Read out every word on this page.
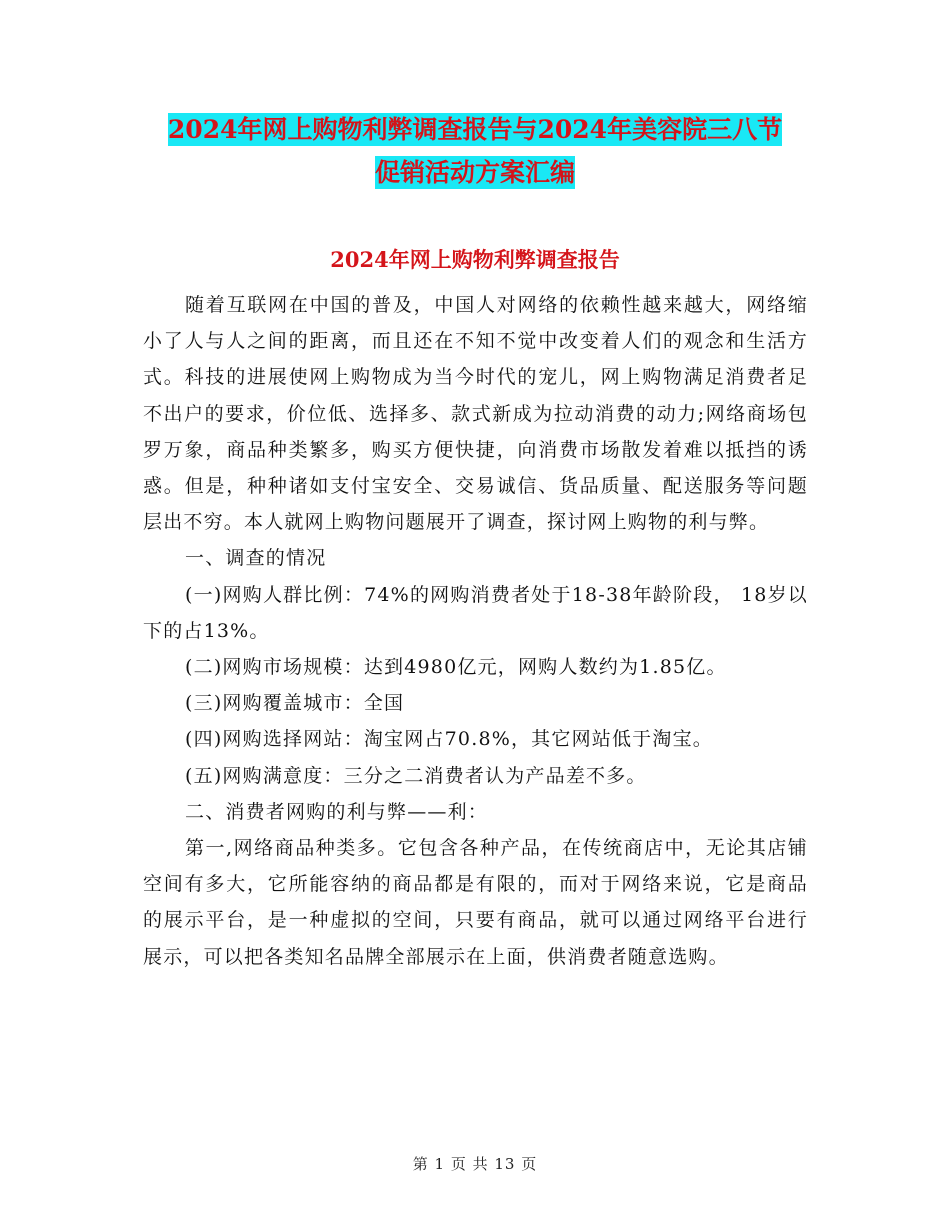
2024年网上购物利弊调查报告与2024年美容院三八节
促销活动方案汇编
2024年网上购物利弊调查报告

随着互联网在中国的普及，中国人对网络的依赖性越来越大，网络缩小了人与人之间的距离，而且还在不知不觉中改变着人们的观念和生活方式。科技的进展使网上购物成为当今时代的宠儿，网上购物满足消费者足不出户的要求，价位低、选择多、款式新成为拉动消费的动力;网络商场包罗万象，商品种类繁多，购买方便快捷，向消费市场散发着难以抵挡的诱惑。但是，种种诸如支付宝安全、交易诚信、货品质量、配送服务等问题层出不穷。本人就网上购物问题展开了调查，探讨网上购物的利与弊。

一、调查的情况

(一)网购人群比例：74%的网购消费者处于18-38年龄阶段， 18岁以下的占13%。

(二)网购市场规模：达到4980亿元，网购人数约为1.85亿。

(三)网购覆盖城市：全国

(四)网购选择网站：淘宝网占70.8%，其它网站低于淘宝。

(五)网购满意度：三分之二消费者认为产品差不多。

二、消费者网购的利与弊——利：

第一,网络商品种类多。它包含各种产品，在传统商店中，无论其店铺空间有多大，它所能容纳的商品都是有限的，而对于网络来说，它是商品的展示平台，是一种虚拟的空间，只要有商品，就可以通过网络平台进行展示，可以把各类知名品牌全部展示在上面，供消费者随意选购。

第 1 页 共 13 页
